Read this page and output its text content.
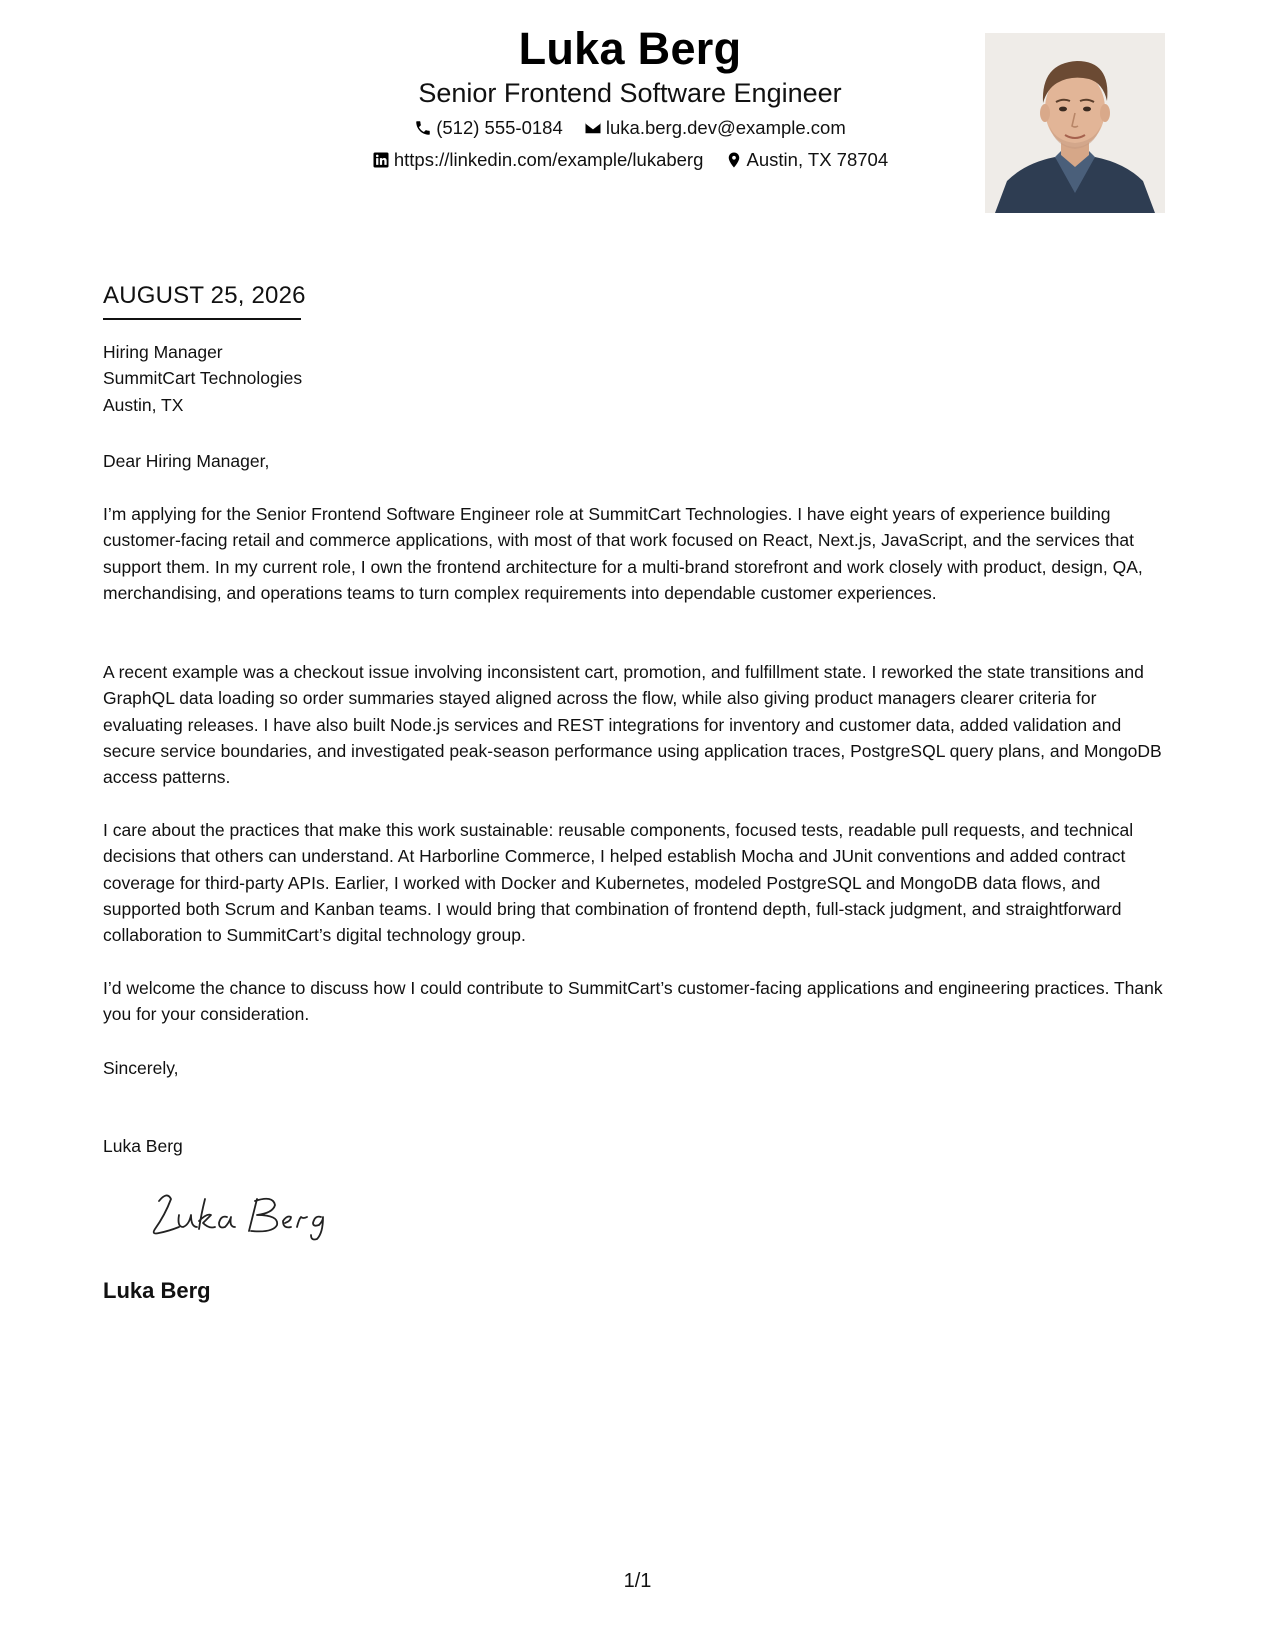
Luka Berg
Senior Frontend Software Engineer
(512) 555-0184 luka.berg.dev@example.com
https://linkedin.com/example/lukaberg Austin, TX 78704
AUGUST 25, 2026
Hiring Manager
SummitCart Technologies
Austin, TX
Dear Hiring Manager,

I’m applying for the Senior Frontend Software Engineer role at SummitCart Technologies. I have eight years of experience building customer-facing retail and commerce applications, with most of that work focused on React, Next.js, JavaScript, and the services that support them. In my current role, I own the frontend architecture for a multi-brand storefront and work closely with product, design, QA, merchandising, and operations teams to turn complex requirements into dependable customer experiences.

A recent example was a checkout issue involving inconsistent cart, promotion, and fulfillment state. I reworked the state transitions and GraphQL data loading so order summaries stayed aligned across the flow, while also giving product managers clearer criteria for evaluating releases. I have also built Node.js services and REST integrations for inventory and customer data, added validation and secure service boundaries, and investigated peak-season performance using application traces, PostgreSQL query plans, and MongoDB access patterns.

I care about the practices that make this work sustainable: reusable components, focused tests, readable pull requests, and technical decisions that others can understand. At Harborline Commerce, I helped establish Mocha and JUnit conventions and added contract coverage for third-party APIs. Earlier, I worked with Docker and Kubernetes, modeled PostgreSQL and MongoDB data flows, and supported both Scrum and Kanban teams. I would bring that combination of frontend depth, full-stack judgment, and straightforward collaboration to SummitCart’s digital technology group.

I’d welcome the chance to discuss how I could contribute to SummitCart’s customer-facing applications and engineering practices. Thank you for your consideration.

Sincerely,
Luka Berg
Luka Berg
1/1
